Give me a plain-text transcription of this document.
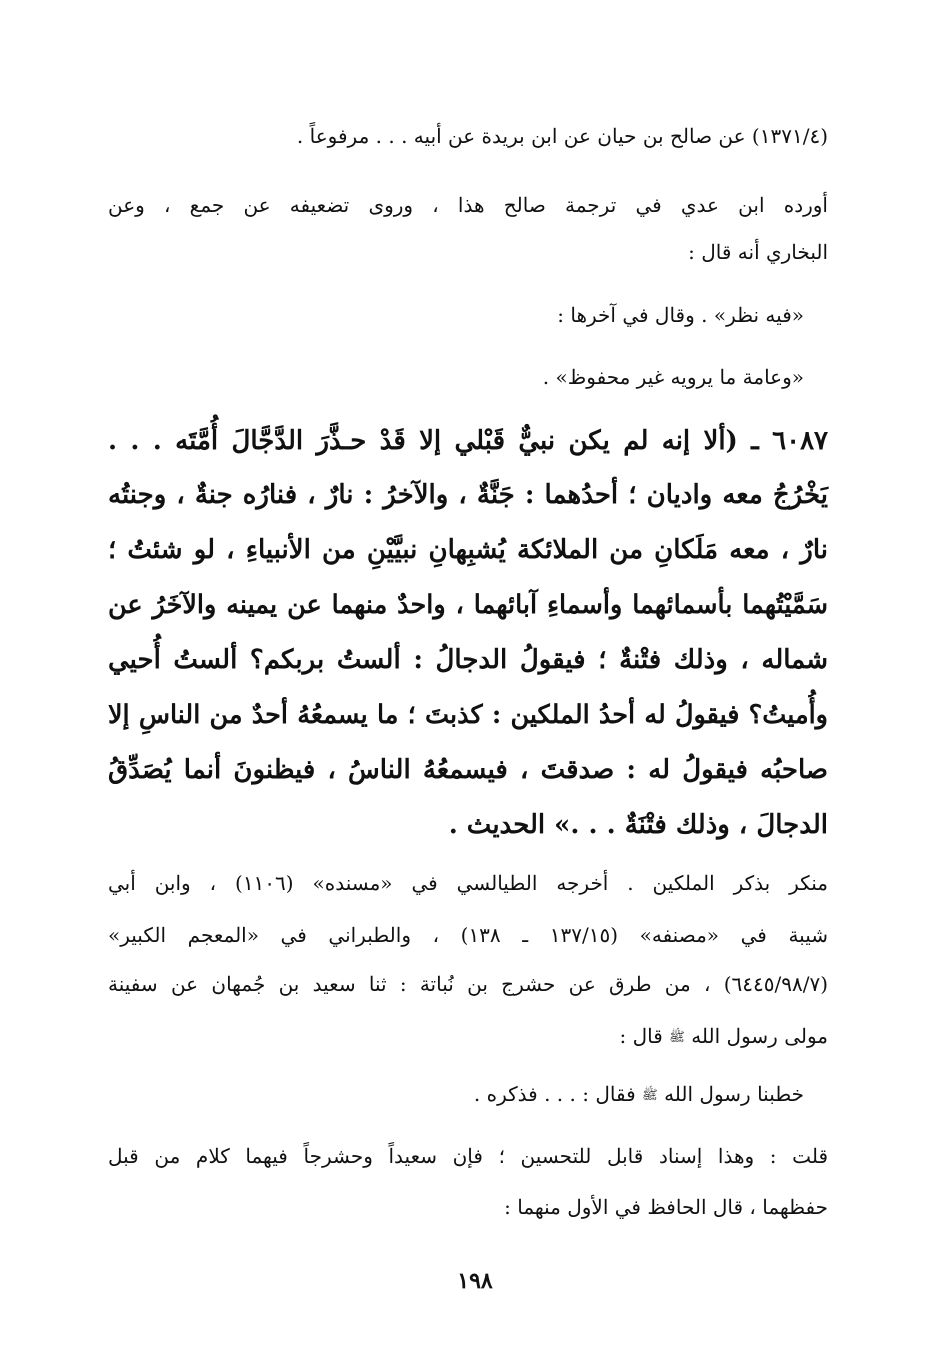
(١٣٧١/٤) عن صالح بن حيان عن ابن بريدة عن أبيه . . . مرفوعاً .
أورده ابن عدي في ترجمة صالح هذا ، وروى تضعيفه عن جمع ، وعن
البخاري أنه قال :
«فيه نظر» . وقال في آخرها :
«وعامة ما يرويه غير محفوظ» .
٦٠٨٧ ـ (ألا إنه لم يكن نبيٌّ قَبْلي إلا قَدْ حـذَّرَ الدَّجَّالَ أُمَّتَه . . .
يَخْرُجُ معه واديان ؛ أحدُهما : جَنَّةٌ ، والآخرُ : نارٌ ، فنارُه جنةٌ ، وجنتُه
نارٌ ، معه مَلَكانِ من الملائكة يُشبِهانِ نبيَّيْنِ من الأنبياءِ ، لو شئتُ ؛
سَمَّيْتُهما بأسمائهما وأسماءِ آبائهما ، واحدٌ منهما عن يمينه والآخَرُ عن
شماله ، وذلك فتْنةٌ ؛ فيقولُ الدجالُ : ألستُ بربكم؟ ألستُ أُحيي
وأُميتُ؟ فيقولُ له أحدُ الملكين : كذبتَ ؛ ما يسمعُهُ أحدٌ من الناسِ إلا
صاحبُه فيقولُ له : صدقتَ ، فيسمعُهُ الناسُ ، فيظنونَ أنما يُصَدِّقُ
الدجالَ ، وذلك فتْنَةٌ . . .» الحديث .
منكر بذكر الملكين . أخرجه الطيالسي في «مسنده» (١١٠٦) ، وابن أبي
شيبة في «مصنفه» (١٣٧/١٥ ـ ١٣٨) ، والطبراني في «المعجم الكبير»
(٦٤٤٥/٩٨/٧) ، من طرق عن حشرج بن نُباتة : ثنا سعيد بن جُمهان عن سفينة
مولى رسول الله ﷺ قال :
خطبنا رسول الله ﷺ فقال : . . . فذكره .
قلت : وهذا إسناد قابل للتحسين ؛ فإن سعيداً وحشرجاً فيهما كلام من قبل
حفظهما ، قال الحافظ في الأول منهما :
١٩٨
